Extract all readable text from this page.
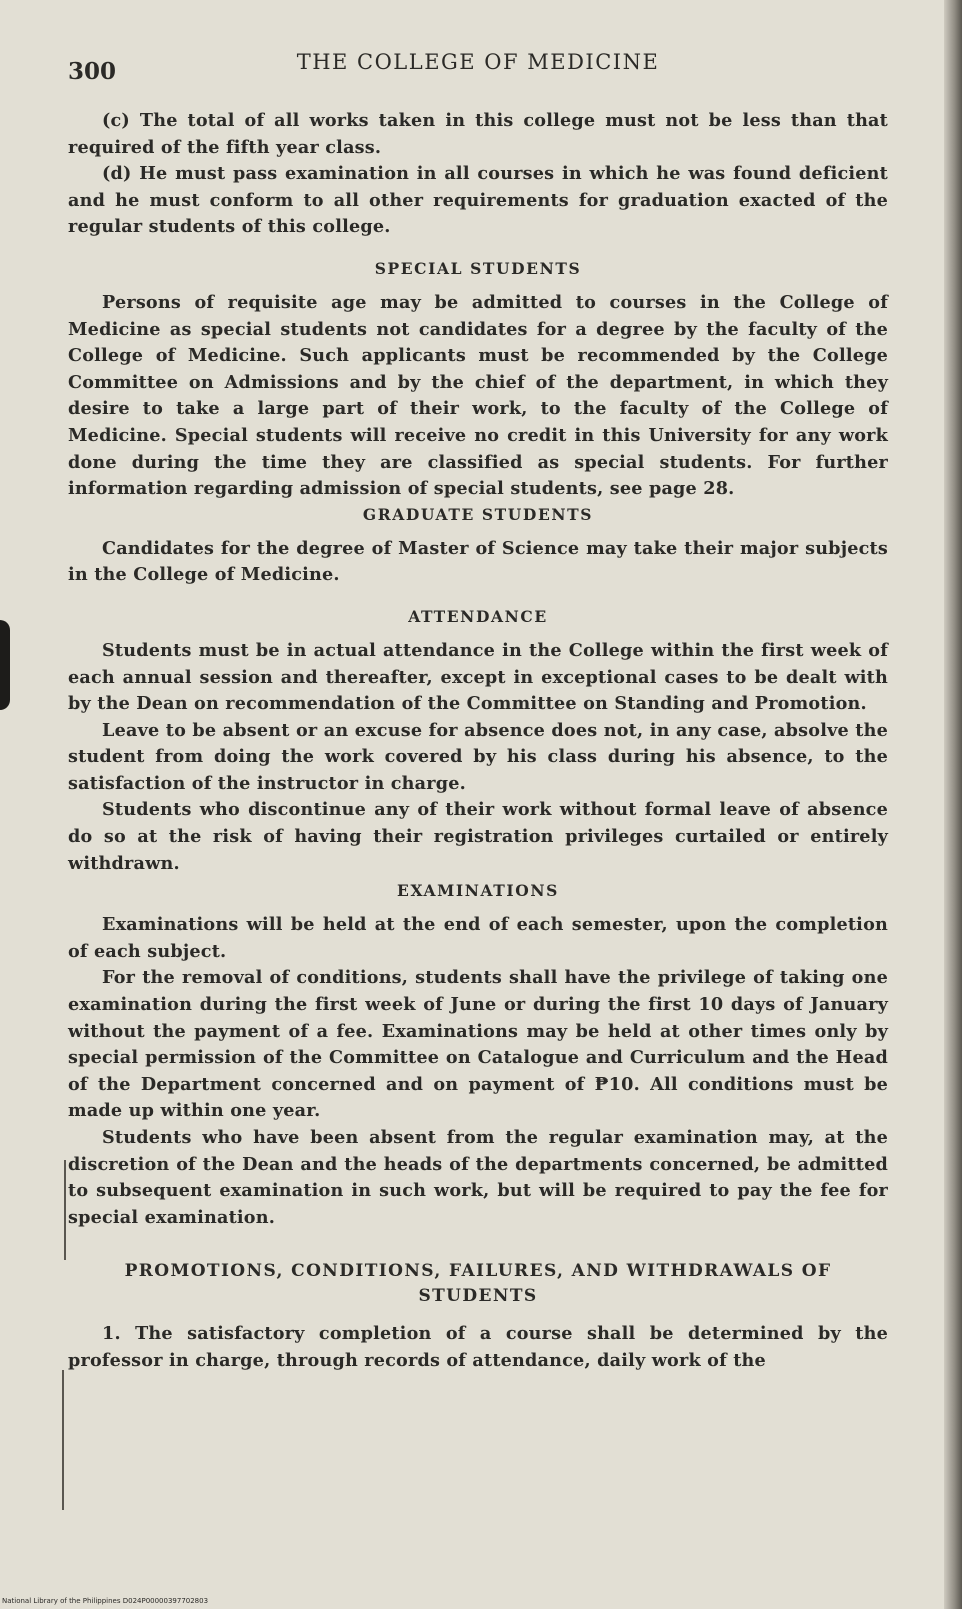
300	THE COLLEGE OF MEDICINE

(c) The total of all works taken in this college must not be less than that required of the fifth year class.

(d) He must pass examination in all courses in which he was found deficient and he must conform to all other requirements for graduation exacted of the regular students of this college.

SPECIAL STUDENTS

Persons of requisite age may be admitted to courses in the College of Medicine as special students not candidates for a degree by the faculty of the College of Medicine. Such applicants must be recommended by the College Committee on Admissions and by the chief of the department, in which they desire to take a large part of their work, to the faculty of the College of Medicine. Special students will receive no credit in this University for any work done during the time they are classified as special students. For further information regarding admission of special students, see page 28.

GRADUATE STUDENTS

Candidates for the degree of Master of Science may take their major subjects in the College of Medicine.

ATTENDANCE

Students must be in actual attendance in the College within the first week of each annual session and thereafter, except in exceptional cases to be dealt with by the Dean on recommendation of the Committee on Standing and Promotion.

Leave to be absent or an excuse for absence does not, in any case, absolve the student from doing the work covered by his class during his absence, to the satisfaction of the instructor in charge.

Students who discontinue any of their work without formal leave of absence do so at the risk of having their registration privileges curtailed or entirely withdrawn.

EXAMINATIONS

Examinations will be held at the end of each semester, upon the completion of each subject.

For the removal of conditions, students shall have the privilege of taking one examination during the first week of June or during the first 10 days of January without the payment of a fee. Examinations may be held at other times only by special permission of the Committee on Catalogue and Curriculum and the Head of the Department concerned and on payment of ₱10. All conditions must be made up within one year.

Students who have been absent from the regular examination may, at the discretion of the Dean and the heads of the departments concerned, be admitted to subsequent examination in such work, but will be required to pay the fee for special examination.

PROMOTIONS, CONDITIONS, FAILURES, AND WITHDRAWALS OF STUDENTS

1. The satisfactory completion of a course shall be determined by the professor in charge, through records of attendance, daily work of the

National Library of the Philippines D024P00000397702803
